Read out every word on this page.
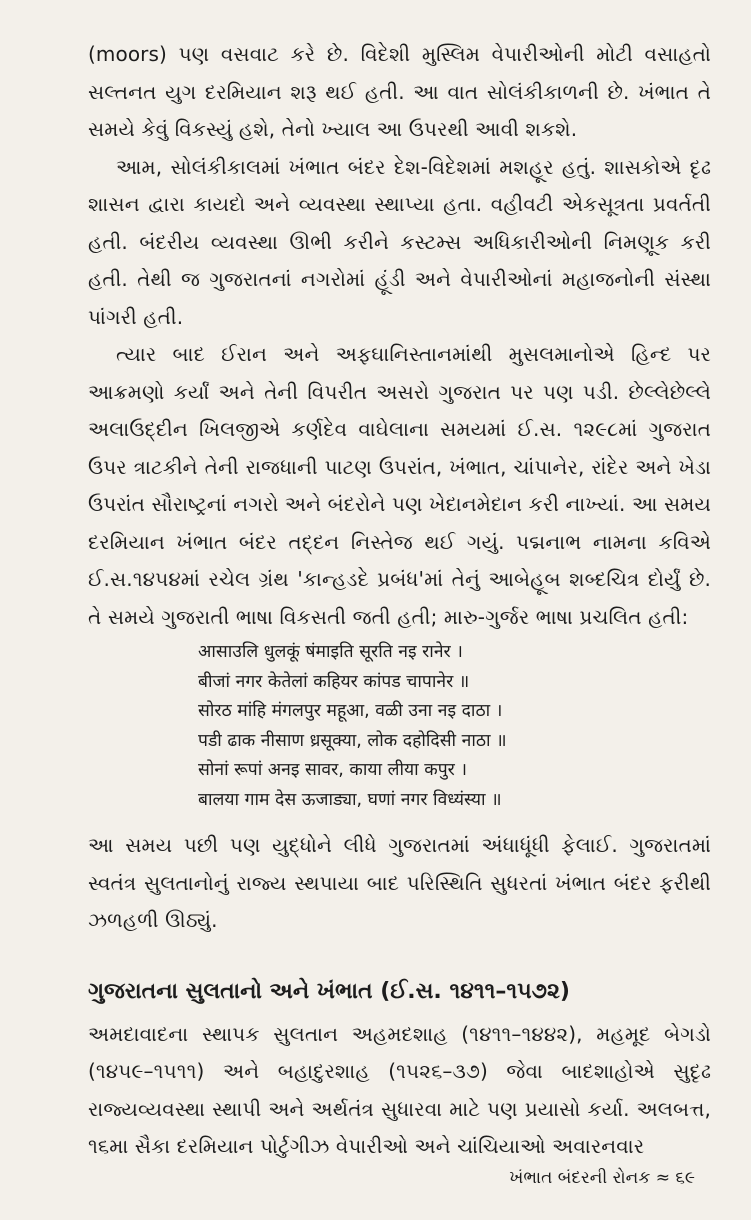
(moors) પણ વસવાટ કરે છે. વિદેશી મુસ્લિમ વેપારીઓની મોટી વસાહતો સલ્તનત યુગ દરમિયાન શરૂ થઈ હતી. આ વાત સોલંકીકાળની છે. ખંભાત તે સમયે કેવું વિકસ્યું હશે, તેનો ખ્યાલ આ ઉપરથી આવી શકશે.

આમ, સોલંકીકાલમાં ખંભાત બંદર દેશ-વિદેશમાં મશહૂર હતું. શાસકોએ દૃઢ શાસન દ્વારા કાયદો અને વ્યવસ્થા સ્થાપ્યા હતા. વહીવટી એકસૂત્રતા પ્રવર્તતી હતી. બંદરીય વ્યવસ્થા ઊભી કરીને કસ્ટમ્સ અધિકારીઓની નિમણૂક કરી હતી. તેથી જ ગુજરાતનાં નગરોમાં હૂંડી અને વેપારીઓનાં મહાજનોની સંસ્થા પાંગરી હતી.

ત્યાર બાદ ઈરાન અને અફઘાનિસ્તાનમાંથી મુસલમાનોએ હિન્દ પર આક્રમણો કર્યાં અને તેની વિપરીત અસરો ગુજરાત પર પણ પડી. છેલ્લેછેલ્લે અલાઉદ્દીન ખિલજીએ કર્ણદેવ વાઘેલાના સમયમાં ઈ.સ. ૧૨૯૮માં ગુજરાત ઉપર ત્રાટકીને તેની રાજધાની પાટણ ઉપરાંત, ખંભાત, ચાંપાનેર, રાંદેર અને ખેડા ઉપરાંત સૌરાષ્ટ્રનાં નગરો અને બંદરોને પણ ખેદાનમેદાન કરી નાખ્યાં. આ સમય દરમિયાન ખંભાત બંદર તદ્દન નિસ્તેજ થઈ ગયું. પદ્મનાભ નામના કવિએ ઈ.સ.૧૪૫૪માં રચેલ ગ્રંથ 'કાન્હડદે પ્રબંધ'માં તેનું આબેહૂબ શબ્દચિત્ર દોર્યું છે. તે સમયે ગુજરાતી ભાષા વિકસતી જતી હતી; મારુ-ગુર્જર ભાષા પ્રચલિત હતી:

आसाउलि धुलकूं षंमाइति सूरति नइ रानेर ।
बीजां नगर केतेलां कहियर कांपड चापानेर ॥
सोरठ मांहि मंगलपुर महूआ, वळी उना नइ दाठा ।
पडी ढाक नीसाण ध्रसूक्या, लोक दहोदिसी नाठा ॥
सोनां रूपां अनइ सावर, काया लीया कपुर ।
बालया गाम देस ऊजाड्या, घणां नगर विध्यंस्या ॥

આ સમય પછી પણ યુદ્ધોને લીધે ગુજરાતમાં અંધાધૂંધી ફેલાઈ. ગુજરાતમાં સ્વતંત્ર સુલતાનોનું રાજ્ય સ્થપાયા બાદ પરિસ્થિતિ સુધરતાં ખંભાત બંદર ફરીથી ઝળહળી ઊઠ્યું.

ગુજરાતના સુલતાનો અને ખંભાત (ઈ.સ. ૧૪૧૧–૧૫૭૨)

અમદાવાદના સ્થાપક સુલતાન અહમદશાહ (૧૪૧૧–૧૪૪૨), મહમૂદ બેગડો (૧૪૫૯–૧૫૧૧) અને બહાદુરશાહ (૧૫૨૬–૩૭) જેવા બાદશાહોએ સુદૃઢ રાજ્યવ્યવસ્થા સ્થાપી અને અર્થતંત્ર સુધારવા માટે પણ પ્રયાસો કર્યા. અલબત્ત, ૧૬મા સૈકા દરમિયાન પોર્ટુગીઝ વેપારીઓ અને ચાંચિયાઓ અવારનવાર

ખંભાત બંદરની રોનક ≈ ૬૯
